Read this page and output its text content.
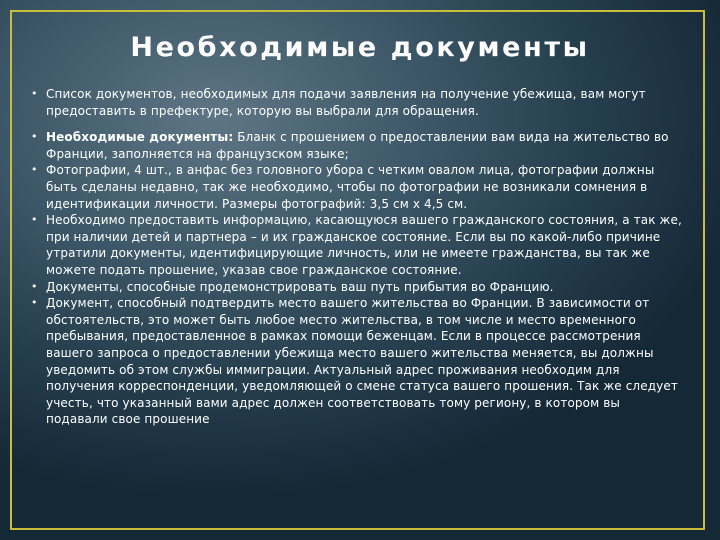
Необходимые документы
• Список документов, необходимых для подачи заявления на получение убежища, вам могут предоставить в префектуре, которую вы выбрали для обращения.
• Необходимые документы: Бланк с прошением о предоставлении вам вида на жительство во Франции, заполняется на французском языке;
• Фотографии, 4 шт., в анфас без головного убора с четким овалом лица, фотографии должны быть сделаны недавно, так же необходимо, чтобы по фотографии не возникали сомнения в идентификации личности. Размеры фотографий: 3,5 см х 4,5 см.
• Необходимо предоставить информацию, касающуюся вашего гражданского состояния, а так же, при наличии детей и партнера – и их гражданское состояние. Если вы по какой-либо причине утратили документы, идентифицирующие личность, или не имеете гражданства, вы так же можете подать прошение, указав свое гражданское состояние.
• Документы, способные продемонстрировать ваш путь прибытия во Францию.
• Документ, способный подтвердить место вашего жительства во Франции. В зависимости от обстоятельств, это может быть любое место жительства, в том числе и место временного пребывания, предоставленное в рамках помощи беженцам. Если в процессе рассмотрения вашего запроса о предоставлении убежища место вашего жительства меняется, вы должны уведомить об этом службы иммиграции. Актуальный адрес проживания необходим для получения корреспонденции, уведомляющей о смене статуса вашего прошения. Так же следует учесть, что указанный вами адрес должен соответствовать тому региону, в котором вы подавали свое прошение
